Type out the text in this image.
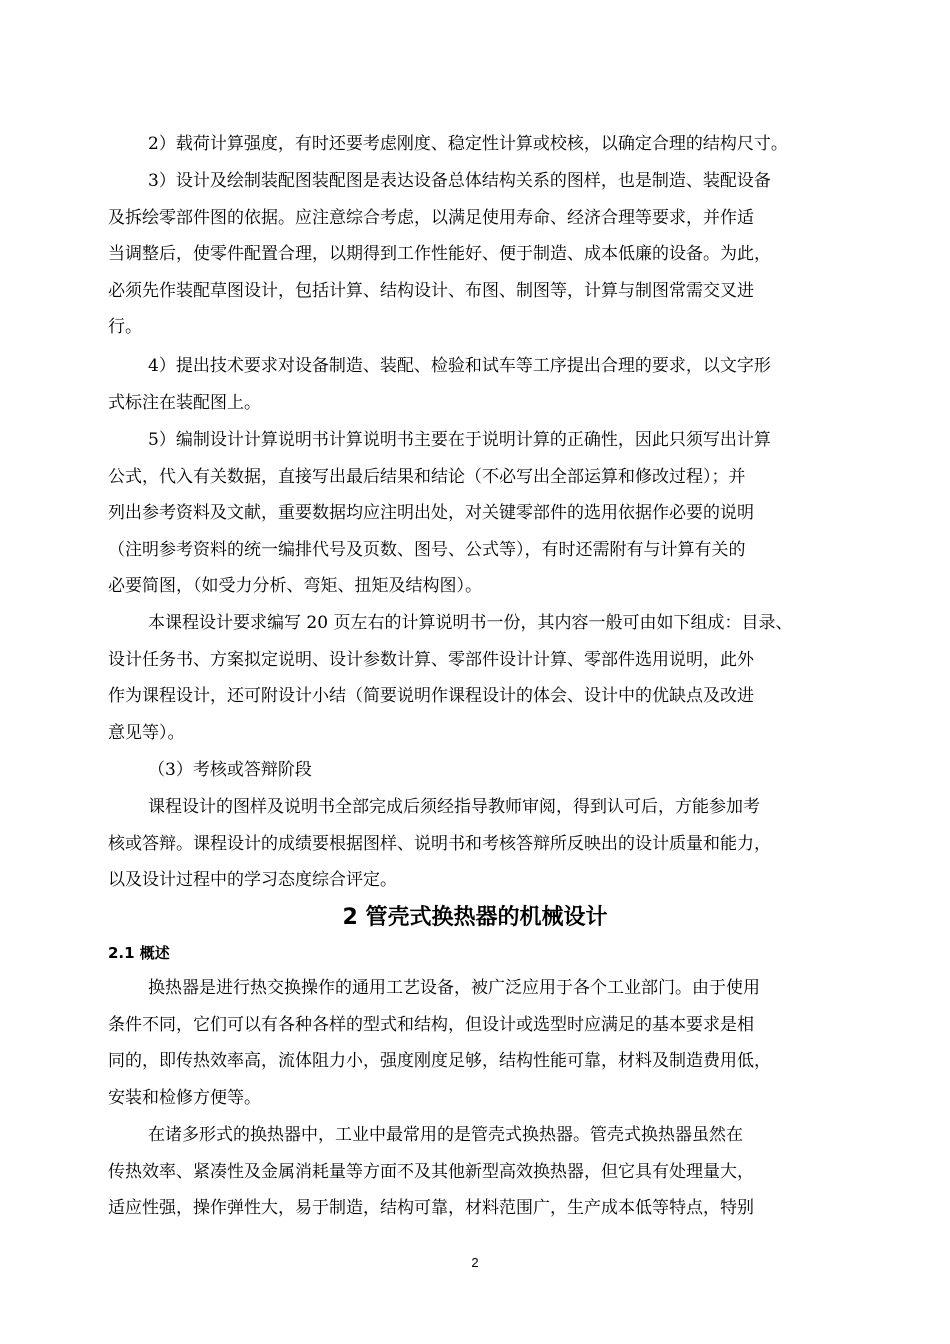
2）载荷计算强度，有时还要考虑刚度、稳定性计算或校核，以确定合理的结构尺寸。
3）设计及绘制装配图装配图是表达设备总体结构关系的图样，也是制造、装配设备
及拆绘零部件图的依据。应注意综合考虑，以满足使用寿命、经济合理等要求，并作适
当调整后，使零件配置合理，以期得到工作性能好、便于制造、成本低廉的设备。为此，
必须先作装配草图设计，包括计算、结构设计、布图、制图等，计算与制图常需交叉进
行。
4）提出技术要求对设备制造、装配、检验和试车等工序提出合理的要求，以文字形
式标注在装配图上。
5）编制设计计算说明书计算说明书主要在于说明计算的正确性，因此只须写出计算
公式，代入有关数据，直接写出最后结果和结论（不必写出全部运算和修改过程）；并
列出参考资料及文献，重要数据均应注明出处，对关键零部件的选用依据作必要的说明
（注明参考资料的统一编排代号及页数、图号、公式等），有时还需附有与计算有关的
必要简图，（如受力分析、弯矩、扭矩及结构图）。
本课程设计要求编写 20 页左右的计算说明书一份，其内容一般可由如下组成：目录、
设计任务书、方案拟定说明、设计参数计算、零部件设计计算、零部件选用说明，此外
作为课程设计，还可附设计小结（简要说明作课程设计的体会、设计中的优缺点及改进
意见等）。
（3）考核或答辩阶段
课程设计的图样及说明书全部完成后须经指导教师审阅，得到认可后，方能参加考
核或答辩。课程设计的成绩要根据图样、说明书和考核答辩所反映出的设计质量和能力，
以及设计过程中的学习态度综合评定。
2 管壳式换热器的机械设计
2.1 概述
换热器是进行热交换操作的通用工艺设备，被广泛应用于各个工业部门。由于使用
条件不同，它们可以有各种各样的型式和结构，但设计或选型时应满足的基本要求是相
同的，即传热效率高，流体阻力小，强度刚度足够，结构性能可靠，材料及制造费用低，
安装和检修方便等。
在诸多形式的换热器中，工业中最常用的是管壳式换热器。管壳式换热器虽然在
传热效率、紧凑性及金属消耗量等方面不及其他新型高效换热器，但它具有处理量大，
适应性强，操作弹性大，易于制造，结构可靠，材料范围广，生产成本低等特点，特别
2
